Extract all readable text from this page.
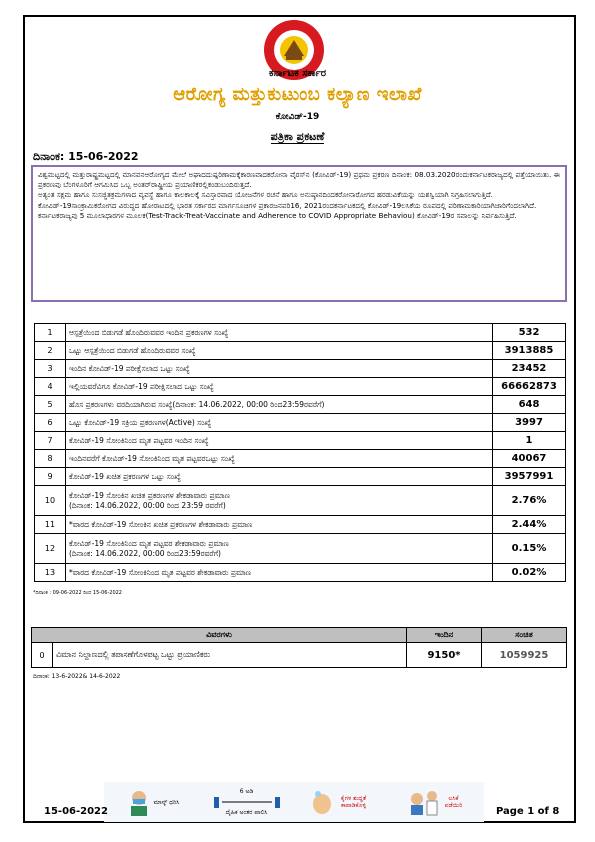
ಕರ್ನಾಟಕ ಸರ್ಕಾರ
ಆರೋಗ್ಯ ಮತ್ತುಕುಟುಂಬ ಕಲ್ಯಾಣ ಇಲಾಖೆ
ಕೋವಿಡ್-19
ಪತ್ರಿಕಾ ಪ್ರಕಟಣೆ
ದಿನಾಂಕ: 15-06-2022

ವಿಶ್ವಮಟ್ಟದಲ್ಲಿ ಮತ್ತುರಾಷ್ಟ್ರಮಟ್ಟದಲ್ಲಿ ಮಾನವನಆರೋಗ್ಯದ ಮೇಲೆ ಅಘಾದದುಷ್ಪರಿಣಾಮಕ್ಕೆಕಾರಣವಾದಕರೋನಾ ವೈರಸ್‌ನ (ಕೋವಿಡ್-19) ಪ್ರಥಮ ಪ್ರಕರಣ ದಿನಾಂಕ: 08.03.2020ರಂದುಕರ್ನಾಟಕರಾಜ್ಯದಲ್ಲಿ ಪತ್ತೆಯಾಯಿತು. ಈ ಪ್ರಕರಣವು ಬೆಂಗಳೂರಿಗೆ ಆಗಮಿಸಿದ ಒಬ್ಬ ಅಂತರ್‌ರಾಷ್ಟ್ರೀಯ ಪ್ರಯಾಣಿಕರಲ್ಲಿಕಂಡುಬಂದಿರುತ್ತದೆ.

ಅತ್ಯಂತ ಸಕ್ಷಮ ಹಾಗೂ ಸುಸಜ್ಜಿತಕ್ರಮಗಳಾದ ವ್ಯವಸ್ಥೆ ಹಾಗೂ ಕಾಲಕಾಲಕ್ಕೆ ಸವಿಸ್ತಾರವಾದ ಯೋಜನೆಗಳ ರಚನೆ ಹಾಗೂ ಅನುಷ್ಠಾನದಿಂದಕರೋನಾರೋಗದ ಹರಡುವಿಕೆಯನ್ನು ಯಶಸ್ವಿಯಾಗಿ ನಿಗ್ರಹಿಸಲಾಗುತ್ತಿದೆ.

ಕೋವಿಡ್-19ಸಾಂಕ್ರಾಮಿಕರೋಗದ ವಿರುದ್ಧದ ಹೋರಾಟದಲ್ಲಿ ಭಾರತ ಸರ್ಕಾರದ ಮಾರ್ಗಸೂಚಿಗಳ ಪ್ರಕಾರಜನವರಿ16, 2021ರಂದಕರ್ನಾಟಕದಲ್ಲಿ ಕೋವಿಡ್-19ಲಸಿಕೆಯ ರೂಪದಲ್ಲಿ ಪರಿಣಾಮಕಾರಿಯಾಗಿಜಾರಿಗೆಂದಲಾಗಿದೆ.

ಕರ್ನಾಟಕರಾಜ್ಯವು 5 ಮೂಲಾಧಾರಗಳ ಮೂಲಕ(Test-Track-Treat-Vaccinate and Adherence to COVID Appropriate Behaviou) ಕೋವಿಡ್-19ರ ಸವಾಲನ್ನು ನಿರ್ವಹಿಸುತ್ತಿದೆ.

1	ಆಸ್ಪತ್ರೆಯಿಂದ ಬಿಡುಗಡೆ ಹೊಂದಿರುವವರ ಇಂದಿನ ಪ್ರಕರಣಗಳ ಸಂಖ್ಯೆ	532
2	ಒಟ್ಟು ಆಸ್ಪತ್ರೆಯಿಂದ ಬಿಡುಗಡೆ ಹೊಂದಿರುವವರ ಸಂಖ್ಯೆ	3913885
3	ಇಂದಿನ ಕೋವಿಡ್-19 ಪರೀಕ್ಷೆಸಲಾದ ಒಟ್ಟು ಸಂಖ್ಯೆ	23452
4	ಇಲ್ಲಿಯವರೆವಿಗೂ ಕೋವಿಡ್-19 ಪರೀಕ್ಷಿಸಲಾದ ಒಟ್ಟು ಸಂಖ್ಯೆ	66662873
5	ಹೊಸ ಪ್ರಕರಣಗಳು ವರದಿಯಾಗಿರುವ ಸಂಖ್ಯೆ(ದಿನಾಂಕ: 14.06.2022, 00:00 ರಿಂದ23:59ರವರೆಗೆ)	648
6	ಒಟ್ಟು ಕೋವಿಡ್-19 ಸಕ್ರಿಯ ಪ್ರಕರಣಗಳ(Active) ಸಂಖ್ಯೆ	3997
7	ಕೋವಿಡ್-19 ಸೋಂಕಿನಿಂದ ಮೃತ ಪಟ್ಟವರ ಇಂದಿನ ಸಂಖ್ಯೆ	1
8	ಇಂದಿನವರೆಗೆ ಕೋವಿಡ್-19 ಸೋಂಕಿನಿಂದ ಮೃತ ಪಟ್ಟವರಒಟ್ಟು ಸಂಖ್ಯೆ	40067
9	ಕೋವಿಡ್-19 ಖಚಿತ ಪ್ರಕರಣಗಳ ಒಟ್ಟು ಸಂಖ್ಯೆ	3957991
10	ಕೋವಿಡ್-19 ಸೋಂಕಿನ ಖಚಿತ ಪ್ರಕರಣಗಳ ಶೇಕಡಾವಾರು ಪ್ರಮಾಣ
(ದಿನಾಂಕ: 14.06.2022, 00:00 ರಿಂದ 23:59 ರವರೆಗೆ)	2.76%
11	*ವಾರದ ಕೋವಿಡ್-19 ಸೋಂಕಿನ ಖಚಿತ ಪ್ರಕರಣಗಳ ಶೇಕಡಾವಾರು ಪ್ರಮಾಣ	2.44%
12	ಕೋವಿಡ್-19 ಸೋಂಕಿನಿಂದ ಮೃತ ಪಟ್ಟವರ ಶೇಕಡಾವಾರು ಪ್ರಮಾಣ
(ದಿನಾಂಕ: 14.06.2022, 00:00 ರಿಂದ23:59ರವರೆಗೆ)	0.15%
13	*ವಾರದ ಕೋವಿಡ್-19 ಸೋಂಕಿನಿಂದ ಮೃತ ಪಟ್ಟವರ ಶೇಕಡಾವಾರು ಪ್ರಮಾಣ	0.02%
*ದಿನಾಂಕ : 09-06-2022 ರಿಂದ 15-06-2022
ವಿವರಗಳು		ಇಂದಿನ	ಸಂಚಿತ
0	ವಿಮಾನ ನಿಲ್ದಾಣದಲ್ಲಿ ತಪಾಸಣೆಗೊಳಪಟ್ಟ ಒಟ್ಟು ಪ್ರಯಾಣಿಕರು	9150*	1059925
ದಿನಾಂಕ: 13-6-2022& 14-6-2022
ಮಾಸ್ಕ್ ಧರಿಸಿ
6 ಅಡಿ
ದೈಹಿಕ ಅಂತರ ಪಾಲಿಸಿ
ಕೈಗಳ ಶುದ್ಧತೆ ಕಾಪಾಡಿಕೊಳ್ಳಿ
ಲಸಿಕೆ ಪಡೆಯಿರಿ
15-06-2022	Page 1 of 8
